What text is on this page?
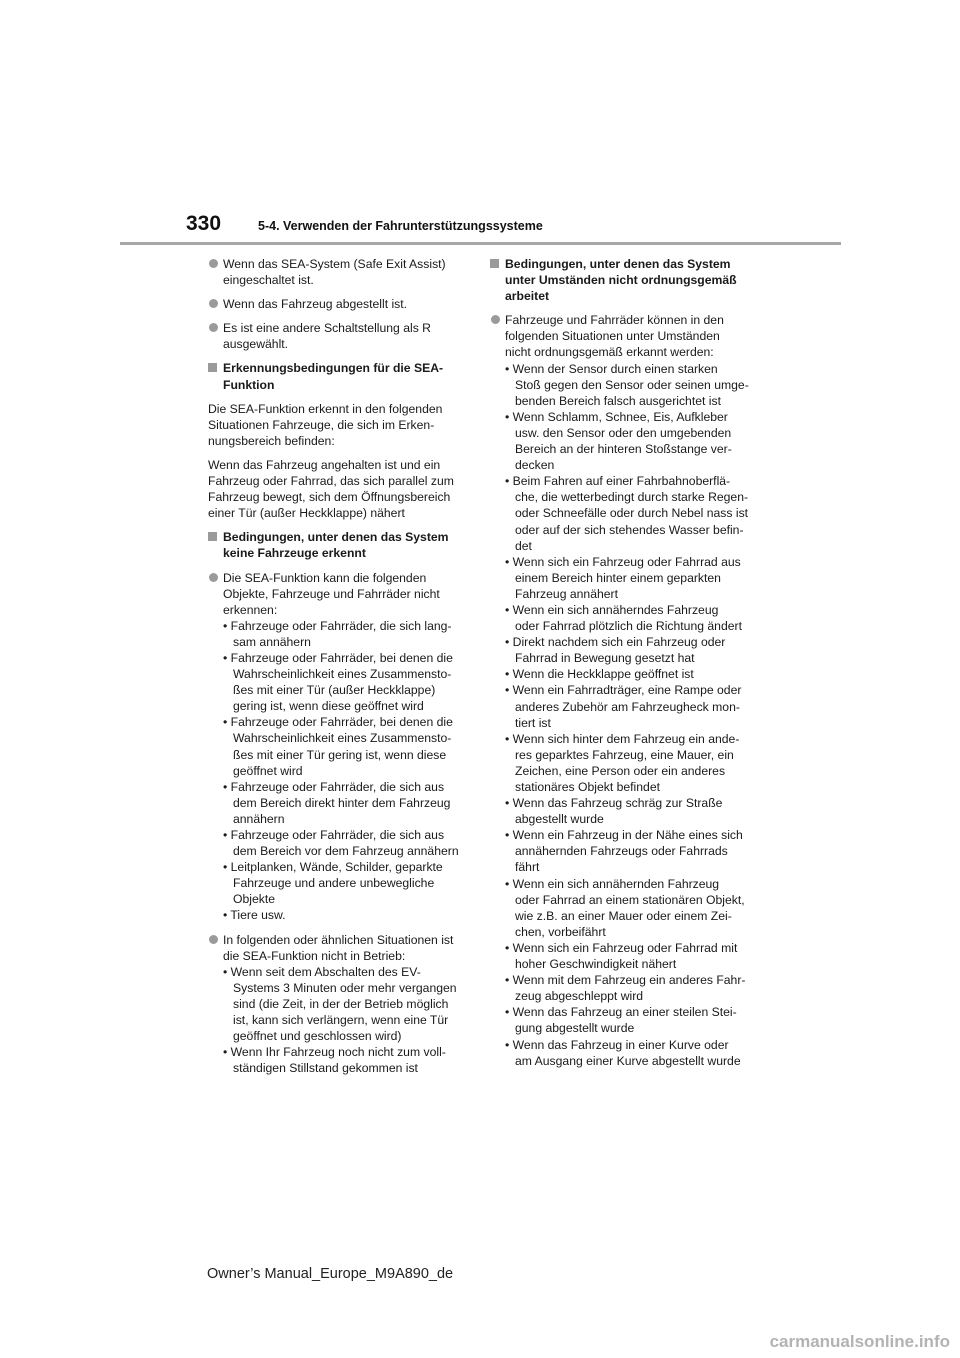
330	5-4. Verwenden der Fahrunterstützungssysteme
Wenn das SEA-System (Safe Exit Assist)
eingeschaltet ist.
Wenn das Fahrzeug abgestellt ist.
Es ist eine andere Schaltstellung als R
ausgewählt.
Erkennungsbedingungen für die SEA-
Funktion
Die SEA-Funktion erkennt in den folgenden
Situationen Fahrzeuge, die sich im Erken-
nungsbereich befinden:
Wenn das Fahrzeug angehalten ist und ein
Fahrzeug oder Fahrrad, das sich parallel zum
Fahrzeug bewegt, sich dem Öffnungsbereich
einer Tür (außer Heckklappe) nähert
Bedingungen, unter denen das System
keine Fahrzeuge erkennt
Die SEA-Funktion kann die folgenden
Objekte, Fahrzeuge und Fahrräder nicht
erkennen:
• Fahrzeuge oder Fahrräder, die sich lang-
sam annähern
• Fahrzeuge oder Fahrräder, bei denen die
Wahrscheinlichkeit eines Zusammensto-
ßes mit einer Tür (außer Heckklappe)
gering ist, wenn diese geöffnet wird
• Fahrzeuge oder Fahrräder, bei denen die
Wahrscheinlichkeit eines Zusammensto-
ßes mit einer Tür gering ist, wenn diese
geöffnet wird
• Fahrzeuge oder Fahrräder, die sich aus
dem Bereich direkt hinter dem Fahrzeug
annähern
• Fahrzeuge oder Fahrräder, die sich aus
dem Bereich vor dem Fahrzeug annähern
• Leitplanken, Wände, Schilder, geparkte
Fahrzeuge und andere unbewegliche
Objekte
• Tiere usw.
In folgenden oder ähnlichen Situationen ist
die SEA-Funktion nicht in Betrieb:
• Wenn seit dem Abschalten des EV-
Systems 3 Minuten oder mehr vergangen
sind (die Zeit, in der der Betrieb möglich
ist, kann sich verlängern, wenn eine Tür
geöffnet und geschlossen wird)
• Wenn Ihr Fahrzeug noch nicht zum voll-
ständigen Stillstand gekommen ist
Bedingungen, unter denen das System
unter Umständen nicht ordnungsgemäß
arbeitet
Fahrzeuge und Fahrräder können in den
folgenden Situationen unter Umständen
nicht ordnungsgemäß erkannt werden:
• Wenn der Sensor durch einen starken
Stoß gegen den Sensor oder seinen umge-
benden Bereich falsch ausgerichtet ist
• Wenn Schlamm, Schnee, Eis, Aufkleber
usw. den Sensor oder den umgebenden
Bereich an der hinteren Stoßstange ver-
decken
• Beim Fahren auf einer Fahrbahnoberflä-
che, die wetterbedingt durch starke Regen-
oder Schneefälle oder durch Nebel nass ist
oder auf der sich stehendes Wasser befin-
det
• Wenn sich ein Fahrzeug oder Fahrrad aus
einem Bereich hinter einem geparkten
Fahrzeug annähert
• Wenn ein sich annäherndes Fahrzeug
oder Fahrrad plötzlich die Richtung ändert
• Direkt nachdem sich ein Fahrzeug oder
Fahrrad in Bewegung gesetzt hat
• Wenn die Heckklappe geöffnet ist
• Wenn ein Fahrradträger, eine Rampe oder
anderes Zubehör am Fahrzeugheck mon-
tiert ist
• Wenn sich hinter dem Fahrzeug ein ande-
res geparktes Fahrzeug, eine Mauer, ein
Zeichen, eine Person oder ein anderes
stationäres Objekt befindet
• Wenn das Fahrzeug schräg zur Straße
abgestellt wurde
• Wenn ein Fahrzeug in der Nähe eines sich
annähernden Fahrzeugs oder Fahrrads
fährt
• Wenn ein sich annähernden Fahrzeug
oder Fahrrad an einem stationären Objekt,
wie z.B. an einer Mauer oder einem Zei-
chen, vorbeifährt
• Wenn sich ein Fahrzeug oder Fahrrad mit
hoher Geschwindigkeit nähert
• Wenn mit dem Fahrzeug ein anderes Fahr-
zeug abgeschleppt wird
• Wenn das Fahrzeug an einer steilen Stei-
gung abgestellt wurde
• Wenn das Fahrzeug in einer Kurve oder
am Ausgang einer Kurve abgestellt wurde
Owner’s Manual_Europe_M9A890_de
carmanualsonline.info
